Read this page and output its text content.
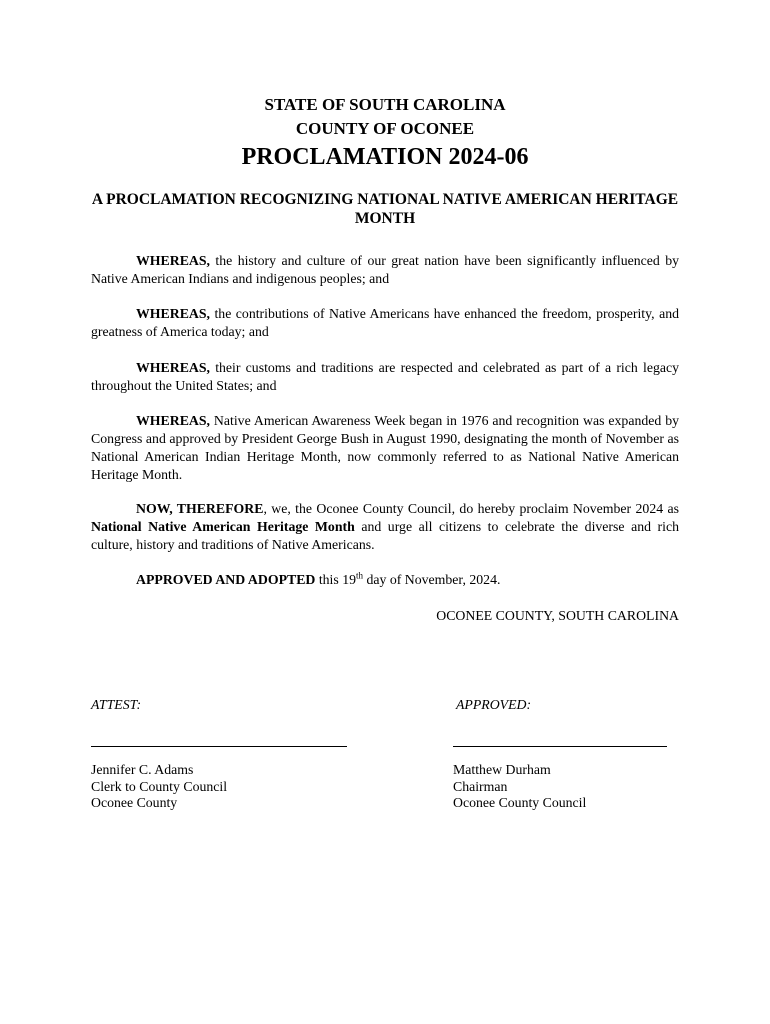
STATE OF SOUTH CAROLINA
COUNTY OF OCONEE
PROCLAMATION 2024-06
A PROCLAMATION RECOGNIZING NATIONAL NATIVE AMERICAN HERITAGE MONTH

WHEREAS, the history and culture of our great nation have been significantly influenced by Native American Indians and indigenous peoples; and

WHEREAS, the contributions of Native Americans have enhanced the freedom, prosperity, and greatness of America today; and

WHEREAS, their customs and traditions are respected and celebrated as part of a rich legacy throughout the United States; and

WHEREAS, Native American Awareness Week began in 1976 and recognition was expanded by Congress and approved by President George Bush in August 1990, designating the month of November as National American Indian Heritage Month, now commonly referred to as National Native American Heritage Month.

NOW, THEREFORE, we, the Oconee County Council, do hereby proclaim November 2024 as National Native American Heritage Month and urge all citizens to celebrate the diverse and rich culture, history and traditions of Native Americans.

APPROVED AND ADOPTED this 19th day of November, 2024.

OCONEE COUNTY, SOUTH CAROLINA
ATTEST:	APPROVED:
Jennifer C. Adams
Clerk to County Council
Oconee County
Matthew Durham
Chairman
Oconee County Council
